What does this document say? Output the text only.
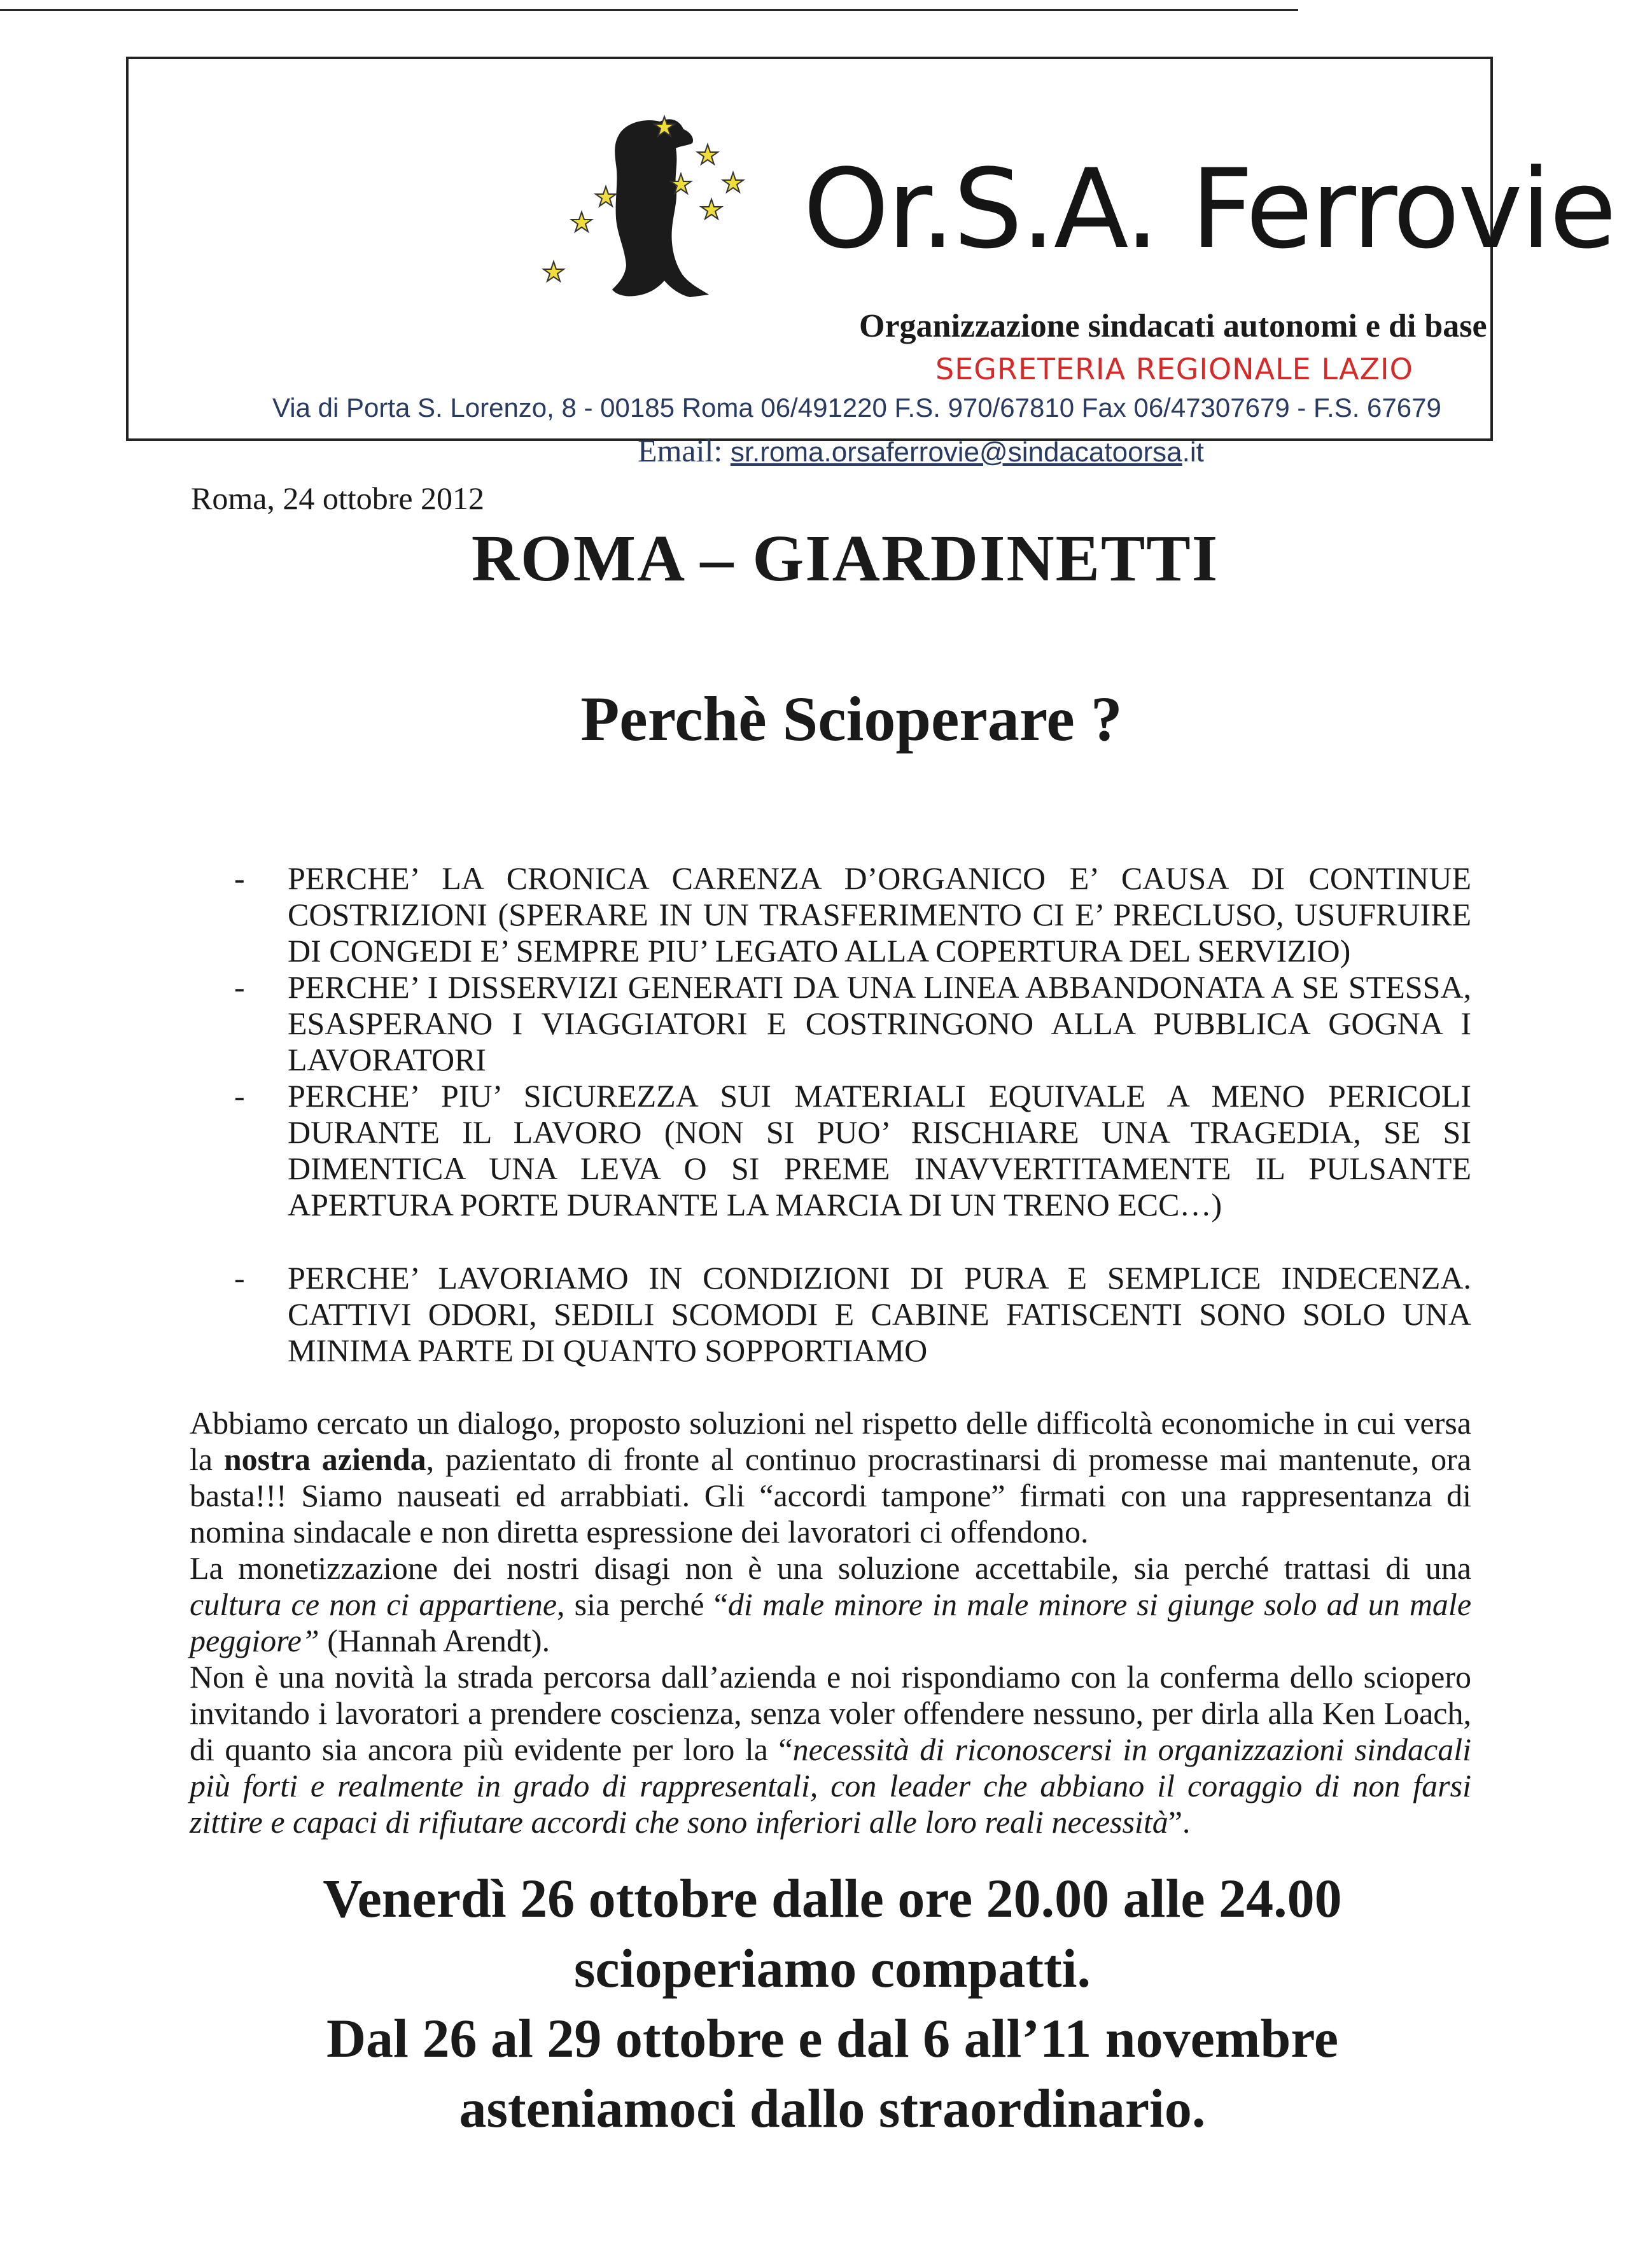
Or.S.A. Ferrovie
Organizzazione sindacati autonomi e di base
SEGRETERIA REGIONALE LAZIO
Via di Porta S. Lorenzo, 8 - 00185 Roma 06/491220 F.S. 970/67810 Fax 06/47307679 - F.S. 67679
Email: sr.roma.orsaferrovie@sindacatoorsa.it
Roma, 24 ottobre 2012
ROMA – GIARDINETTI
Perchè Scioperare ?
- PERCHE’ LA CRONICA CARENZA D’ORGANICO E’ CAUSA DI CONTINUE COSTRIZIONI (SPERARE IN UN TRASFERIMENTO CI E’ PRECLUSO, USUFRUIRE DI CONGEDI E’ SEMPRE PIU’ LEGATO ALLA COPERTURA DEL SERVIZIO)
- PERCHE’ I DISSERVIZI GENERATI DA UNA LINEA ABBANDONATA A SE STESSA, ESASPERANO I VIAGGIATORI E COSTRINGONO ALLA PUBBLICA GOGNA I LAVORATORI
- PERCHE’ PIU’ SICUREZZA SUI MATERIALI EQUIVALE A MENO PERICOLI DURANTE IL LAVORO (NON SI PUO’ RISCHIARE UNA TRAGEDIA, SE SI DIMENTICA UNA LEVA O SI PREME INAVVERTITAMENTE IL PULSANTE APERTURA PORTE DURANTE LA MARCIA DI UN TRENO ECC…)
- PERCHE’ LAVORIAMO IN CONDIZIONI DI PURA E SEMPLICE INDECENZA. CATTIVI ODORI, SEDILI SCOMODI E CABINE FATISCENTI SONO SOLO UNA MINIMA PARTE DI QUANTO SOPPORTIAMO

Abbiamo cercato un dialogo, proposto soluzioni nel rispetto delle difficoltà economiche in cui versa la nostra azienda, pazientato di fronte al continuo procrastinarsi di promesse mai mantenute, ora basta!!! Siamo nauseati ed arrabbiati. Gli “accordi tampone” firmati con una rappresentanza di nomina sindacale e non diretta espressione dei lavoratori ci offendono.

La monetizzazione dei nostri disagi non è una soluzione accettabile, sia perché trattasi di una cultura ce non ci appartiene, sia perché “di male minore in male minore si giunge solo ad un male peggiore” (Hannah Arendt).

Non è una novità la strada percorsa dall’azienda e noi rispondiamo con la conferma dello sciopero invitando i lavoratori a prendere coscienza, senza voler offendere nessuno, per dirla alla Ken Loach, di quanto sia ancora più evidente per loro la “necessità di riconoscersi in organizzazioni sindacali più forti e realmente in grado di rappresentali, con leader che abbiano il coraggio di non farsi zittire e capaci di rifiutare accordi che sono inferiori alle loro reali necessità”.

Venerdì 26 ottobre dalle ore 20.00 alle 24.00
scioperiamo compatti.
Dal 26 al 29 ottobre e dal 6 all’11 novembre
asteniamoci dallo straordinario.
